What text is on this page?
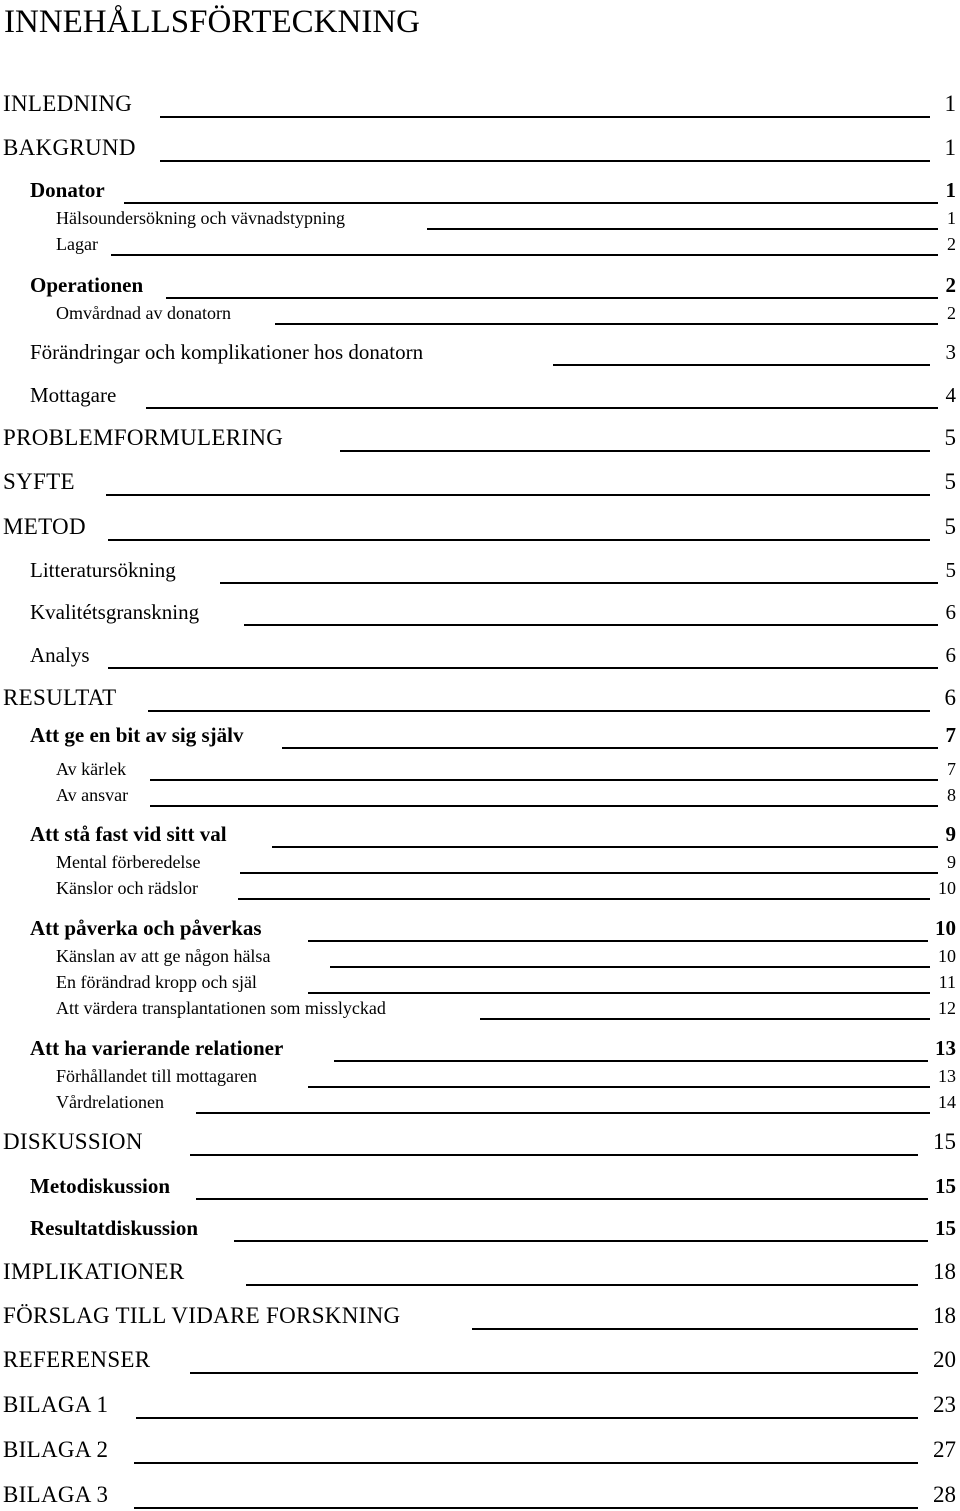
INNEHÅLLSFÖRTECKNING
INLEDNING	1
BAKGRUND	1
Donator	1
Hälsoundersökning och vävnadstypning	1
Lagar	2
Operationen	2
Omvårdnad av donatorn	2
Förändringar och komplikationer hos donatorn	3
Mottagare	4
PROBLEMFORMULERING	5
SYFTE	5
METOD	5
Litteratursökning	5
Kvalitétsgranskning	6
Analys	6
RESULTAT	6
Att ge en bit av sig själv	7
Av kärlek	7
Av ansvar	8
Att stå fast vid sitt val	9
Mental förberedelse	9
Känslor och rädslor	10
Att påverka och påverkas	10
Känslan av att ge någon hälsa	10
En förändrad kropp och själ	11
Att värdera transplantationen som misslyckad	12
Att ha varierande relationer	13
Förhållandet till mottagaren	13
Vårdrelationen	14
DISKUSSION	15
Metodiskussion	15
Resultatdiskussion	15
IMPLIKATIONER	18
FÖRSLAG TILL VIDARE FORSKNING	18
REFERENSER	20
BILAGA 1	23
BILAGA 2	27
BILAGA 3	28
